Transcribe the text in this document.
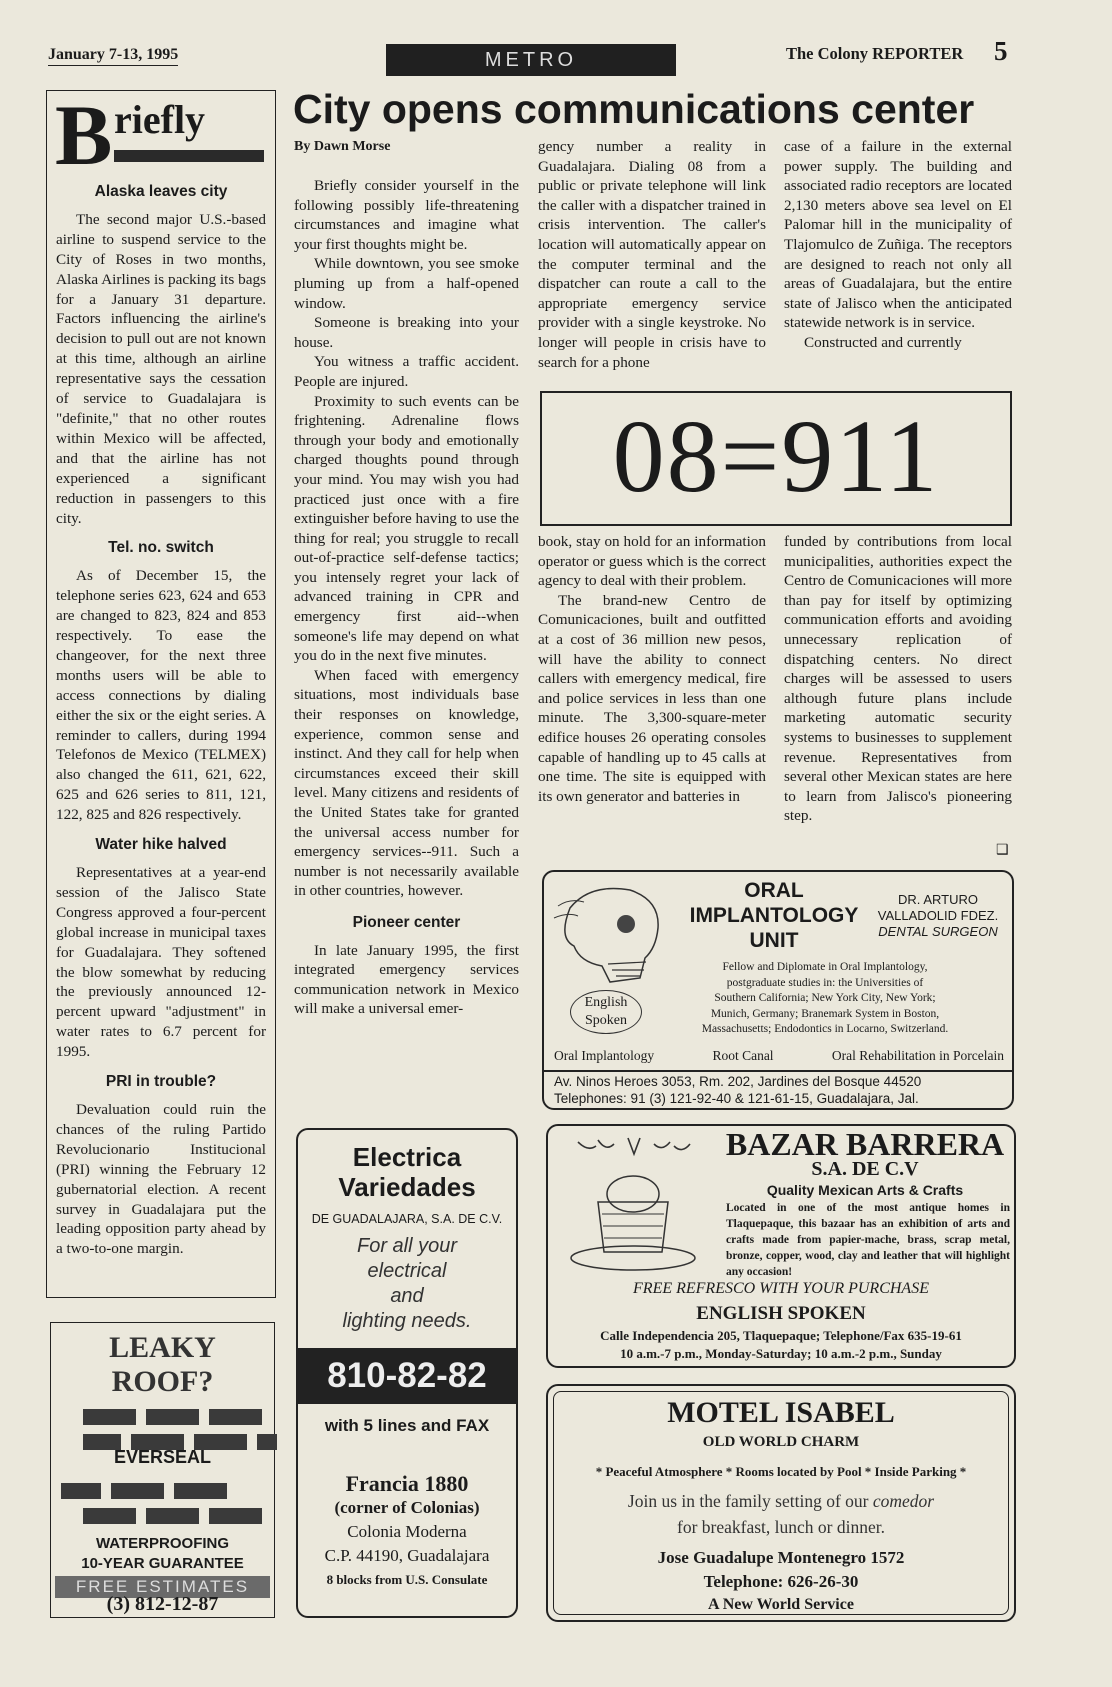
January 7-13, 1995	METRO	The Colony REPORTER 5
B riefly
Alaska leaves city

The second major U.S.-based airline to suspend service to the City of Roses in two months, Alaska Airlines is packing its bags for a January 31 departure. Factors influencing the airline's decision to pull out are not known at this time, although an airline representative says the cessation of service to Guadalajara is "definite," that no other routes within Mexico will be affected, and that the airline has not experienced a significant reduction in passengers to this city.

Tel. no. switch

As of December 15, the telephone series 623, 624 and 653 are changed to 823, 824 and 853 respectively. To ease the changeover, for the next three months users will be able to access connections by dialing either the six or the eight series. A reminder to callers, during 1994 Telefonos de Mexico (TELMEX) also changed the 611, 621, 622, 625 and 626 series to 811, 121, 122, 825 and 826 respectively.

Water hike halved

Representatives at a year-end session of the Jalisco State Congress approved a four-percent global increase in municipal taxes for Guadalajara. They softened the blow somewhat by reducing the previously announced 12-percent upward "adjustment" in water rates to 6.7 percent for 1995.

PRI in trouble?

Devaluation could ruin the chances of the ruling Partido Revolucionario Institucional (PRI) winning the February 12 gubernatorial election. A recent survey in Guadalajara put the leading opposition party ahead by a two-to-one margin.

City opens communications center
By Dawn Morse

Briefly consider yourself in the following possibly life-threatening circumstances and imagine what your first thoughts might be.

While downtown, you see smoke pluming up from a half-opened window.

Someone is breaking into your house.

You witness a traffic accident. People are injured.

Proximity to such events can be frightening. Adrenaline flows through your body and emotionally charged thoughts pound through your mind. You may wish you had practiced just once with a fire extinguisher before having to use the thing for real; you struggle to recall out-of-practice self-defense tactics; you intensely regret your lack of advanced training in CPR and emergency first aid--when someone's life may depend on what you do in the next five minutes.

When faced with emergency situations, most individuals base their responses on knowledge, experience, common sense and instinct. And they call for help when circumstances exceed their skill level. Many citizens and residents of the United States take for granted the universal access number for emergency services--911. Such a number is not necessarily available in other countries, however.

Pioneer center

In late January 1995, the first integrated emergency services communication network in Mexico will make a universal emer-

gency number a reality in Guadalajara. Dialing 08 from a public or private telephone will link the caller with a dispatcher trained in crisis intervention. The caller's location will automatically appear on the computer terminal and the dispatcher can route a call to the appropriate emergency service provider with a single keystroke. No longer will people in crisis have to search for a phone

case of a failure in the external power supply. The building and associated radio receptors are located 2,130 meters above sea level on El Palomar hill in the municipality of Tlajomulco de Zuñiga. The receptors are designed to reach not only all areas of Guadalajara, but the entire state of Jalisco when the anticipated statewide network is in service.

Constructed and currently

08=911

book, stay on hold for an information operator or guess which is the correct agency to deal with their problem.

The brand-new Centro de Comunicaciones, built and outfitted at a cost of 36 million new pesos, will have the ability to connect callers with emergency medical, fire and police services in less than one minute. The 3,300-square-meter edifice houses 26 operating consoles capable of handling up to 45 calls at one time. The site is equipped with its own generator and batteries in

funded by contributions from local municipalities, authorities expect the Centro de Comunicaciones will more than pay for itself by optimizing communication efforts and avoiding unnecessary replication of dispatching centers. No direct charges will be assessed to users although future plans include marketing automatic security systems to businesses to supplement revenue. Representatives from several other Mexican states are here to learn from Jalisco's pioneering step.

❑
LEAKY
ROOF?
EVERSEAL
WATERPROOFING
10-YEAR GUARANTEE
FREE ESTIMATES
(3) 812-12-87
Electrica
Variedades
DE GUADALAJARA, S.A. DE C.V.
For all your
electrical
and
lighting needs.
810-82-82
with 5 lines and FAX
Francia 1880
(corner of Colonias)
Colonia Moderna
C.P. 44190, Guadalajara
8 blocks from U.S. Consulate
ORAL
IMPLANTOLOGY
UNIT
DR. ARTURO
VALLADOLID FDEZ.
DENTAL SURGEON
Fellow and Diplomate in Oral Implantology,
postgraduate studies in: the Universities of
Southern California; New York City, New York;
Munich, Germany; Branemark System in Boston,
Massachusetts; Endodontics in Locarno, Switzerland.
English
Spoken
Oral Implantology	Root Canal	Oral Rehabilitation in Porcelain
Av. Ninos Heroes 3053, Rm. 202, Jardines del Bosque 44520
Telephones: 91 (3) 121-92-40 & 121-61-15, Guadalajara, Jal.
BAZAR BARRERA
S.A. DE C.V
Quality Mexican Arts & Crafts
Located in one of the most antique homes in Tlaquepaque, this bazaar has an exhibition of arts and crafts made from papier-mache, brass, scrap metal, bronze, copper, wood, clay and leather that will highlight any occasion!
FREE REFRESCO WITH YOUR PURCHASE
ENGLISH SPOKEN
Calle Independencia 205, Tlaquepaque; Telephone/Fax 635-19-61
10 a.m.-7 p.m., Monday-Saturday; 10 a.m.-2 p.m., Sunday
MOTEL ISABEL
OLD WORLD CHARM
* Peaceful Atmosphere * Rooms located by Pool * Inside Parking *
Join us in the family setting of our comedor
for breakfast, lunch or dinner.
Jose Guadalupe Montenegro 1572
Telephone: 626-26-30
A New World Service
